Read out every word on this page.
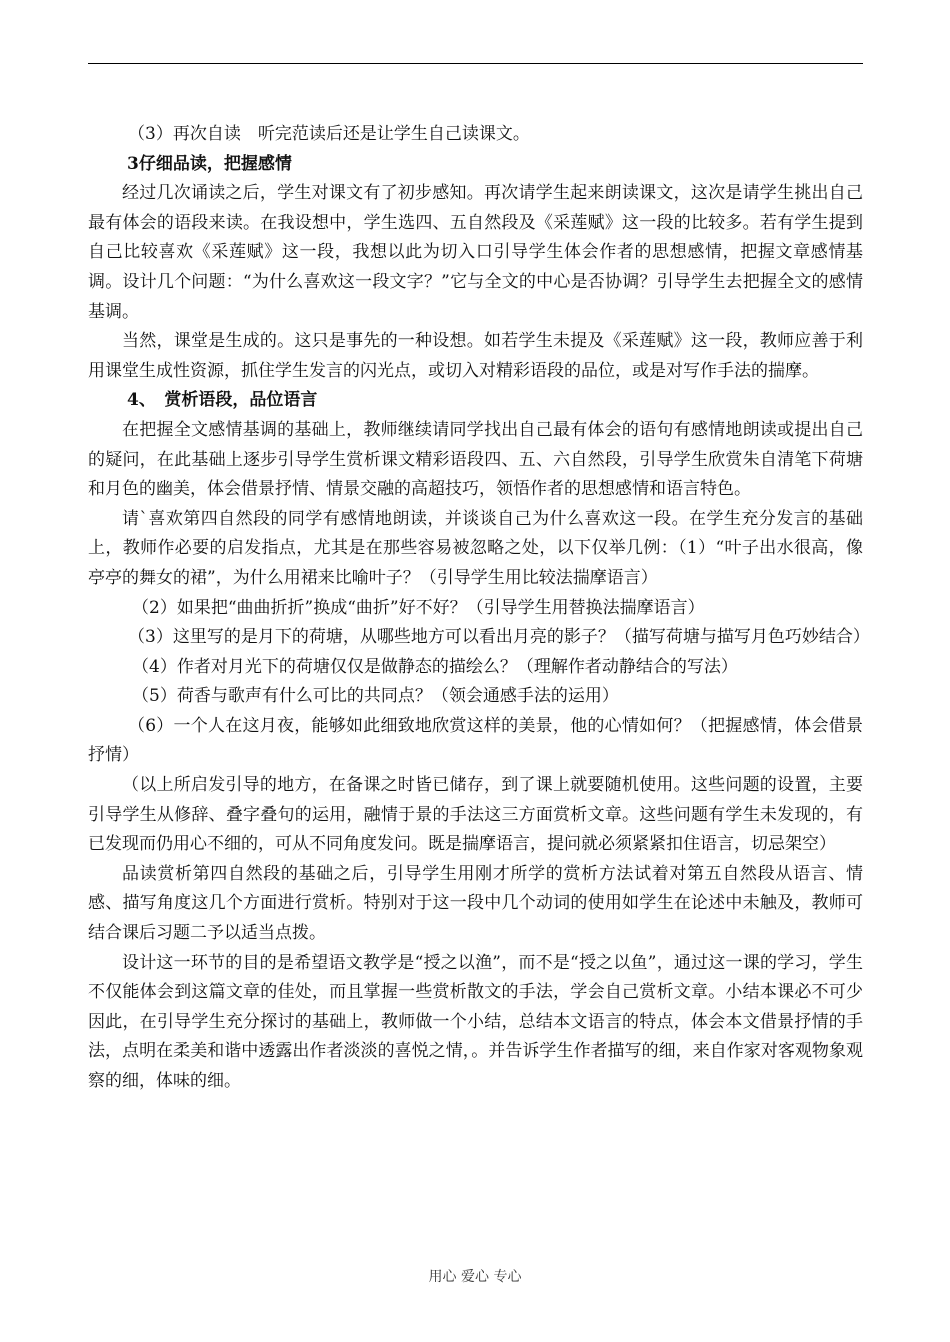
（3）再次自读　听完范读后还是让学生自己读课文。

3仔细品读，把握感情

经过几次诵读之后，学生对课文有了初步感知。再次请学生起来朗读课文，这次是请学生挑出自己最有体会的语段来读。在我设想中，学生选四、五自然段及《采莲赋》这一段的比较多。若有学生提到自己比较喜欢《采莲赋》这一段，我想以此为切入口引导学生体会作者的思想感情，把握文章感情基调。设计几个问题：“为什么喜欢这一段文字？”它与全文的中心是否协调？引导学生去把握全文的感情基调。

当然，课堂是生成的。这只是事先的一种设想。如若学生未提及《采莲赋》这一段，教师应善于利用课堂生成性资源，抓住学生发言的闪光点，或切入对精彩语段的品位，或是对写作手法的揣摩。

4、　赏析语段，品位语言

在把握全文感情基调的基础上，教师继续请同学找出自己最有体会的语句有感情地朗读或提出自己的疑问，在此基础上逐步引导学生赏析课文精彩语段四、五、六自然段，引导学生欣赏朱自清笔下荷塘和月色的幽美，体会借景抒情、情景交融的高超技巧，领悟作者的思想感情和语言特色。

请`喜欢第四自然段的同学有感情地朗读，并谈谈自己为什么喜欢这一段。在学生充分发言的基础上，教师作必要的启发指点，尤其是在那些容易被忽略之处，以下仅举几例：（1）“叶子出水很高，像亭亭的舞女的裙”，为什么用裙来比喻叶子？（引导学生用比较法揣摩语言）

（2）如果把“曲曲折折”换成“曲折”好不好？（引导学生用替换法揣摩语言）

（3）这里写的是月下的荷塘，从哪些地方可以看出月亮的影子？（描写荷塘与描写月色巧妙结合）

（4）作者对月光下的荷塘仅仅是做静态的描绘么？（理解作者动静结合的写法）

（5）荷香与歌声有什么可比的共同点？（领会通感手法的运用）

（6）一个人在这月夜，能够如此细致地欣赏这样的美景，他的心情如何？（把握感情，体会借景抒情）

（以上所启发引导的地方，在备课之时皆已储存，到了课上就要随机使用。这些问题的设置，主要引导学生从修辞、叠字叠句的运用，融情于景的手法这三方面赏析文章。这些问题有学生未发现的，有已发现而仍用心不细的，可从不同角度发问。既是揣摩语言，提问就必须紧紧扣住语言，切忌架空）

品读赏析第四自然段的基础之后，引导学生用刚才所学的赏析方法试着对第五自然段从语言、情感、描写角度这几个方面进行赏析。特别对于这一段中几个动词的使用如学生在论述中未触及，教师可结合课后习题二予以适当点拨。

设计这一环节的目的是希望语文教学是“授之以渔”，而不是“授之以鱼”，通过这一课的学习，学生不仅能体会到这篇文章的佳处，而且掌握一些赏析散文的手法，学会自己赏析文章。小结本课必不可少因此，在引导学生充分探讨的基础上，教师做一个小结，总结本文语言的特点，体会本文借景抒情的手法，点明在柔美和谐中透露出作者淡淡的喜悦之情，。并告诉学生作者描写的细，来自作家对客观物象观察的细，体味的细。

用心 爱心 专心
